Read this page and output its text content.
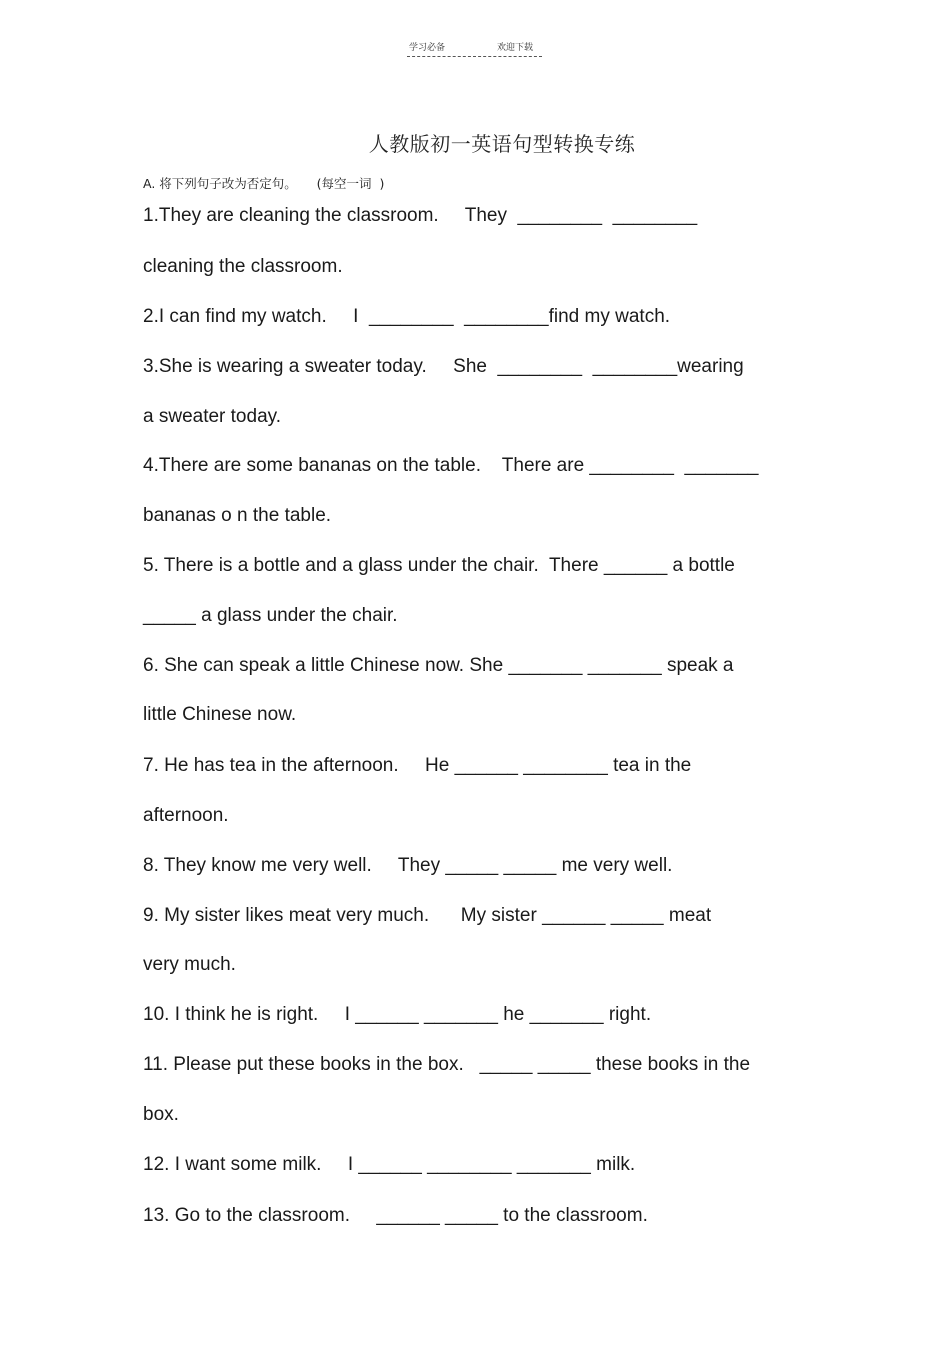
学习必备	欢迎下载
人教版初一英语句型转换专练
A. 将下列句子改为否定句。     (每空一词  )
1.They are cleaning the classroom.     They  ________  ________
cleaning the classroom.
2.I can find my watch.     I  ________  ________find my watch.
3.She is wearing a sweater today.     She  ________  ________wearing
a sweater today.
4.There are some bananas on the table.    There are ________  _______
bananas o n the table.
5. There is a bottle and a glass under the chair.  There ______ a bottle
_____ a glass under the chair.
6. She can speak a little Chinese now. She _______ _______ speak a
little Chinese now.
7. He has tea in the afternoon.     He ______ ________ tea in the
afternoon.
8. They know me very well.     They _____ _____ me very well.
9. My sister likes meat very much.      My sister ______ _____ meat
very much.
10. I think he is right.     I ______ _______ he _______ right.
11. Please put these books in the box.   _____ _____ these books in the
box.
12. I want some milk.     I ______ ________ _______ milk.
13. Go to the classroom.     ______ _____ to the classroom.
